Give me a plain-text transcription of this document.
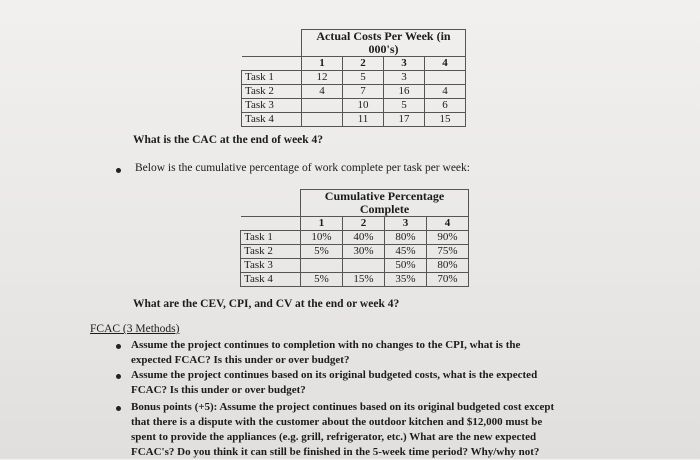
	Actual Costs Per Week (in 000's)			
	1	2	3	4
Task 1	12	5	3	
Task 2	4	7	16	4
Task 3		10	5	6
Task 4		11	17	15
What is the CAC at the end of week 4?
Below is the cumulative percentage of work complete per task per week:
	Cumulative Percentage Complete			
	1	2	3	4
Task 1	10%	40%	80%	90%
Task 2	5%	30%	45%	75%
Task 3			50%	80%
Task 4	5%	15%	35%	70%
What are the CEV, CPI, and CV at the end or week 4?
FCAC (3 Methods)
Assume the project continues to completion with no changes to the CPI, what is the
expected FCAC? Is this under or over budget?
Assume the project continues based on its original budgeted costs, what is the expected
FCAC? Is this under or over budget?
Bonus points (+5): Assume the project continues based on its original budgeted cost except
that there is a dispute with the customer about the outdoor kitchen and $12,000 must be
spent to provide the appliances (e.g. grill, refrigerator, etc.) What are the new expected
FCAC's? Do you think it can still be finished in the 5-week time period? Why/why not?
